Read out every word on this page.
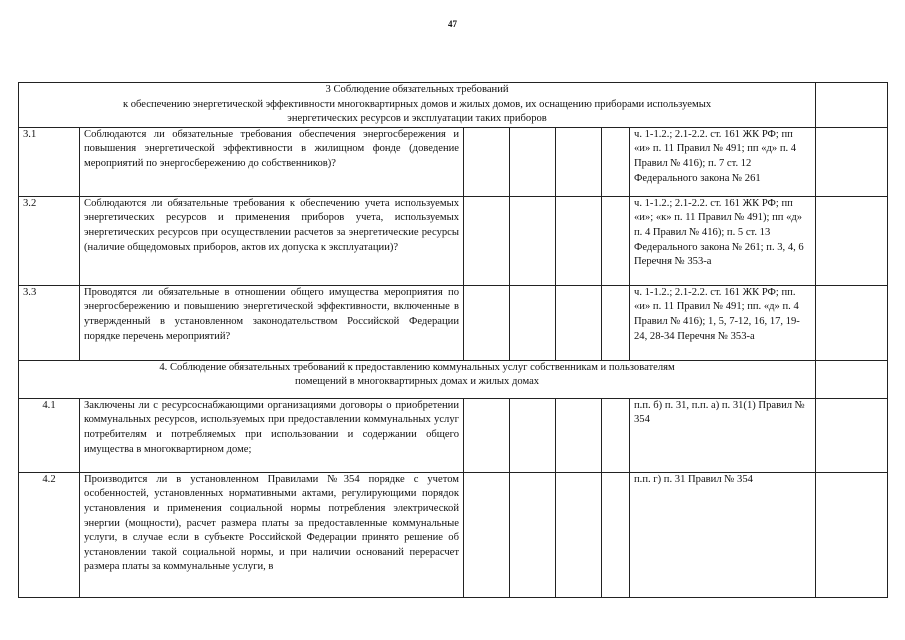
47
3 Соблюдение обязательных требований
к обеспечению энергетической эффективности многоквартирных домов и жилых домов, их оснащению приборами используемых
энергетических ресурсов и эксплуатации таких приборов							

3.1	Соблюдаются ли обязательные требования обеспечения энергосбережения и повышения энергетической эффективности в жилищном фонде (доведение мероприятий по энергосбережению до собственников)?					ч. 1-1.2.; 2.1-2.2. ст. 161 ЖК РФ; пп «и» п. 11 Правил № 491; пп «д» п. 4 Правил № 416); п. 7 ст. 12 Федерального закона № 261	
3.2	Соблюдаются ли обязательные требования к обеспечению учета используемых энергетических ресурсов и применения приборов учета, используемых энергетических ресурсов при осуществлении расчетов за энергетические ресурсы (наличие общедомовых приборов, актов их допуска к эксплуатации)?					ч. 1-1.2.; 2.1-2.2. ст. 161 ЖК РФ; пп «и»; «к» п. 11 Правил № 491); пп «д» п. 4 Правил № 416); п. 5 ст. 13 Федерального закона № 261; п. 3, 4, 6 Перечня № 353-а	
3.3	Проводятся ли обязательные в отношении общего имущества мероприятия по энергосбережению и повышению энергетической эффективности, включенные в утвержденный в установленном законодательством Российской Федерации порядке перечень мероприятий?					ч. 1-1.2.; 2.1-2.2. ст. 161 ЖК РФ; пп. «и» п. 11 Правил № 491; пп. «д» п. 4 Правил № 416); 1, 5, 7-12, 16, 17, 19-24, 28-34 Перечня № 353-а	

4. Соблюдение обязательных требований к предоставлению коммунальных услуг собственникам и пользователям
помещений в многоквартирных домах и жилых домах							

4.1	Заключены ли с ресурсоснабжающими организациями договоры о приобретении коммунальных ресурсов, используемых при предоставлении коммунальных услуг потребителям и потребляемых при использовании и содержании общего имущества в многоквартирном доме;					п.п. б) п. 31, п.п. а) п. 31(1) Правил № 354	
4.2	Производится ли в установленном Правилами №354 порядке с учетом особенностей, установленных нормативными актами, регулирующими порядок установления и применения социальной нормы потребления электрической энергии (мощности), расчет размера платы за предоставленные коммунальные услуги, в случае если в субъекте Российской Федерации принято решение об установлении такой социальной нормы, и при наличии оснований перерасчет размера платы за коммунальные услуги, в					п.п. г) п. 31 Правил № 354	
